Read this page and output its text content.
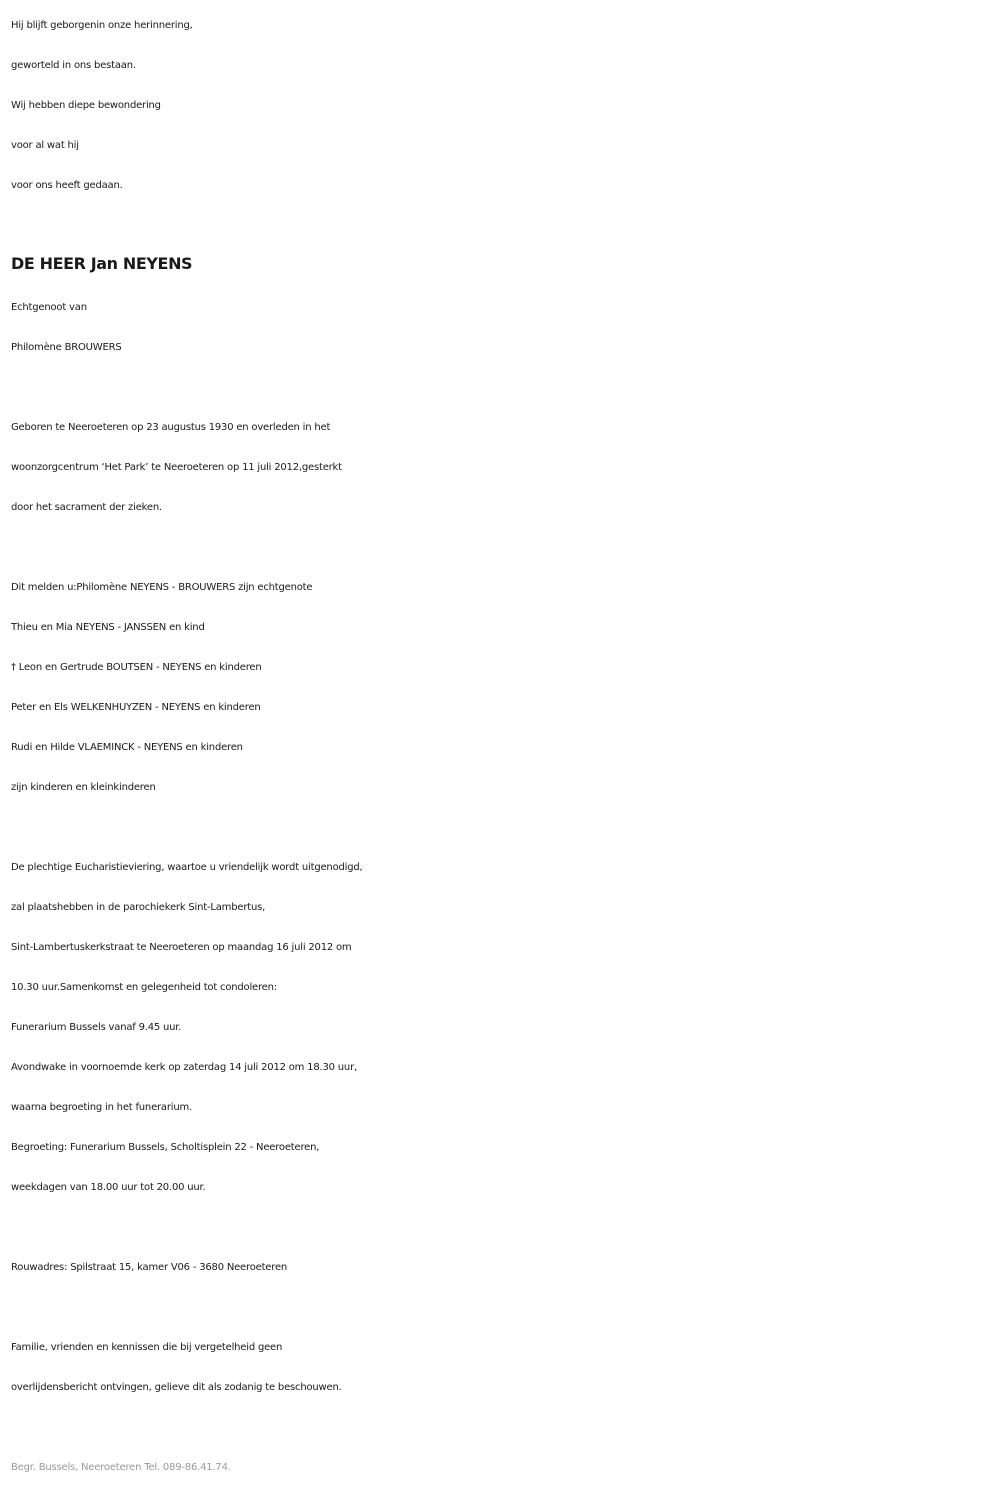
Hij blijft geborgenin onze herinnering,
geworteld in ons bestaan.
Wij hebben diepe bewondering
voor al wat hij
voor ons heeft gedaan.
DE HEER Jan NEYENS
Echtgenoot van
Philomène BROUWERS
Geboren te Neeroeteren op 23 augustus 1930 en overleden in het
woonzorgcentrum ‘Het Park’ te Neeroeteren op 11 juli 2012,gesterkt
door het sacrament der zieken.
Dit melden u:Philomène NEYENS - BROUWERS zijn echtgenote
Thieu en Mia NEYENS - JANSSEN en kind
† Leon en Gertrude BOUTSEN - NEYENS en kinderen
Peter en Els WELKENHUYZEN - NEYENS en kinderen
Rudi en Hilde VLAEMINCK - NEYENS en kinderen
zijn kinderen en kleinkinderen
De plechtige Eucharistieviering, waartoe u vriendelijk wordt uitgenodigd,
zal plaatshebben in de parochiekerk Sint-Lambertus,
Sint-Lambertuskerkstraat te Neeroeteren op maandag 16 juli 2012 om
10.30 uur.Samenkomst en gelegenheid tot condoleren:
Funerarium Bussels vanaf 9.45 uur.
Avondwake in voornoemde kerk op zaterdag 14 juli 2012 om 18.30 uur,
waarna begroeting in het funerarium.
Begroeting: Funerarium Bussels, Scholtisplein 22 - Neeroeteren,
weekdagen van 18.00 uur tot 20.00 uur.
Rouwadres: Spilstraat 15, kamer V06 - 3680 Neeroeteren
Familie, vrienden en kennissen die bij vergetelheid geen
overlijdensbericht ontvingen, gelieve dit als zodanig te beschouwen.
Begr. Bussels, Neeroeteren Tel. 089-86.41.74.
